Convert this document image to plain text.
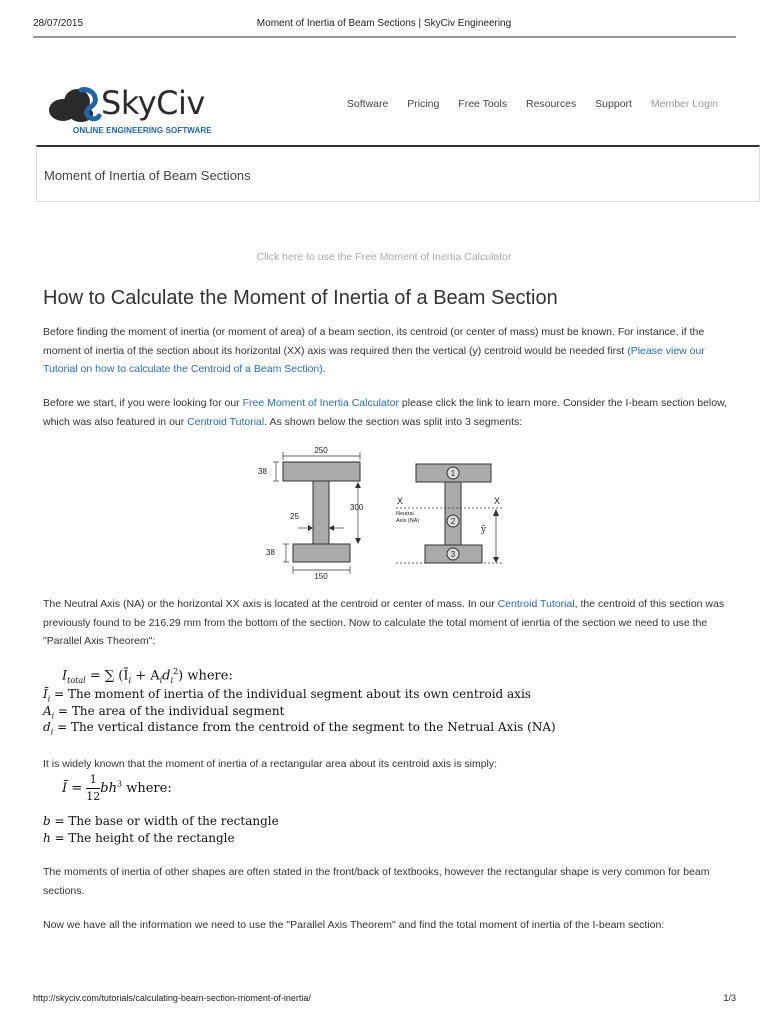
28/07/2015	Moment of Inertia of Beam Sections | SkyCiv Engineering
SkyCiv
ONLINE ENGINEERING SOFTWARE
Software Pricing Free Tools Resources Support Member Login
Moment of Inertia of Beam Sections
Click here to use the Free Moment of Inertia Calculator
How to Calculate the Moment of Inertia of a Beam Section

Before finding the moment of inertia (or moment of area) of a beam section, its centroid (or center of mass) must be known. For instance, if the moment of inertia of the section about its horizontal (XX) axis was required then the vertical (y) centroid would be needed first (Please view our Tutorial on how to calculate the Centroid of a Beam Section).

Before we start, if you were looking for our Free Moment of Inertia Calculator please click the link to learn more. Consider the I-beam section below, which was also featured in our Centroid Tutorial. As shown below the section was split into 3 segments:

250
38
300
25
38
150
1
2
3
X	X
Neutral
Axis (NA)
ȳ

The Neutral Axis (NA) or the horizontal XX axis is located at the centroid or center of mass. In our Centroid Tutorial, the centroid of this section was previously found to be 216.29 mm from the bottom of the section. Now to calculate the total moment of ienrtia of the section we need to use the "Parallel Axis Theorem":

$I_{total}$ = ∑ $(Ī_i + A_id_i^2)$ where:
$Ī_i$ = The moment of inertia of the individual segment about its own centroid axis
$A_i$ = The area of the individual segment
$d_i$ = The vertical distance from the centroid of the segment to the Netrual Axis (NA)

It is widely known that the moment of inertia of a rectangular area about its centroid axis is simply:

Ī = $\frac{1}{12} bh^3$ where:
b = The base or width of the rectangle
h = The height of the rectangle

The moments of inertia of other shapes are often stated in the front/back of textbooks, however the rectangular shape is very common for beam sections.

Now we have all the information we need to use the "Parallel Axis Theorem" and find the total moment of inertia of the I-beam section:

http://skyciv.com/tutorials/calculating-beam-section-moment-of-inertia/	1/3
